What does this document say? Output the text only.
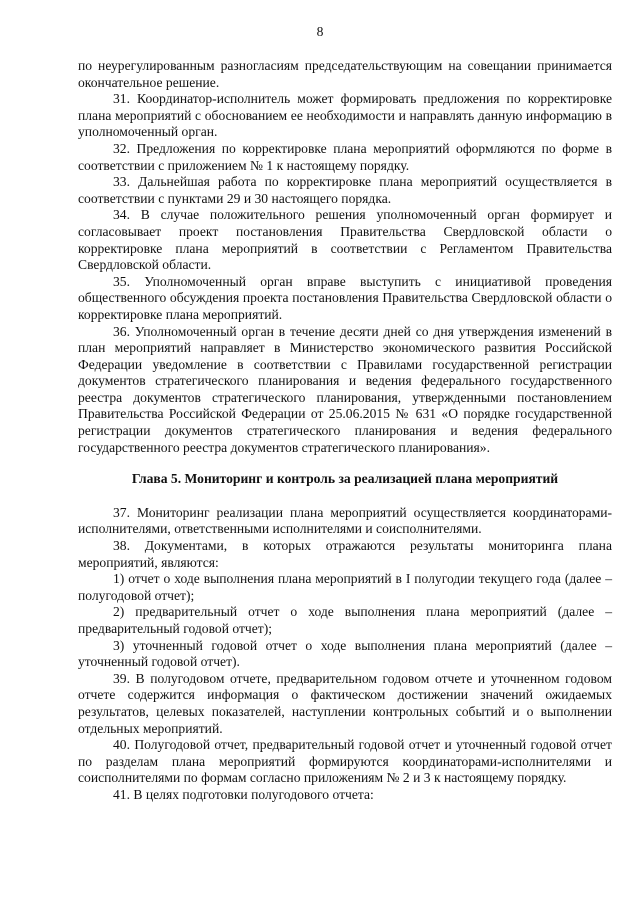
8

по неурегулированным разногласиям председательствующим на совещании принимается окончательное решение.

31. Координатор-исполнитель может формировать предложения по корректировке плана мероприятий с обоснованием ее необходимости и направлять данную информацию в уполномоченный орган.

32. Предложения по корректировке плана мероприятий оформляются по форме в соответствии с приложением № 1 к настоящему порядку.

33. Дальнейшая работа по корректировке плана мероприятий осуществляется в соответствии с пунктами 29 и 30 настоящего порядка.

34. В случае положительного решения уполномоченный орган формирует и согласовывает проект постановления Правительства Свердловской области о корректировке плана мероприятий в соответствии с Регламентом Правительства Свердловской области.

35. Уполномоченный орган вправе выступить с инициативой проведения общественного обсуждения проекта постановления Правительства Свердловской области о корректировке плана мероприятий.

36. Уполномоченный орган в течение десяти дней со дня утверждения изменений в план мероприятий направляет в Министерство экономического развития Российской Федерации уведомление в соответствии с Правилами государственной регистрации документов стратегического планирования и ведения федерального государственного реестра документов стратегического планирования, утвержденными постановлением Правительства Российской Федерации от 25.06.2015 № 631 «О порядке государственной регистрации документов стратегического планирования и ведения федерального государственного реестра документов стратегического планирования».

Глава 5. Мониторинг и контроль за реализацией плана мероприятий

37. Мониторинг реализации плана мероприятий осуществляется координаторами-исполнителями, ответственными исполнителями и соисполнителями.

38. Документами, в которых отражаются результаты мониторинга плана мероприятий, являются:

1) отчет о ходе выполнения плана мероприятий в I полугодии текущего года (далее – полугодовой отчет);

2) предварительный отчет о ходе выполнения плана мероприятий (далее – предварительный годовой отчет);

3) уточненный годовой отчет о ходе выполнения плана мероприятий (далее – уточненный годовой отчет).

39. В полугодовом отчете, предварительном годовом отчете и уточненном годовом отчете содержится информация о фактическом достижении значений ожидаемых результатов, целевых показателей, наступлении контрольных событий и о выполнении отдельных мероприятий.

40. Полугодовой отчет, предварительный годовой отчет и уточненный годовой отчет по разделам плана мероприятий формируются координаторами-исполнителями и соисполнителями по формам согласно приложениям № 2 и 3 к настоящему порядку.

41. В целях подготовки полугодового отчета:
